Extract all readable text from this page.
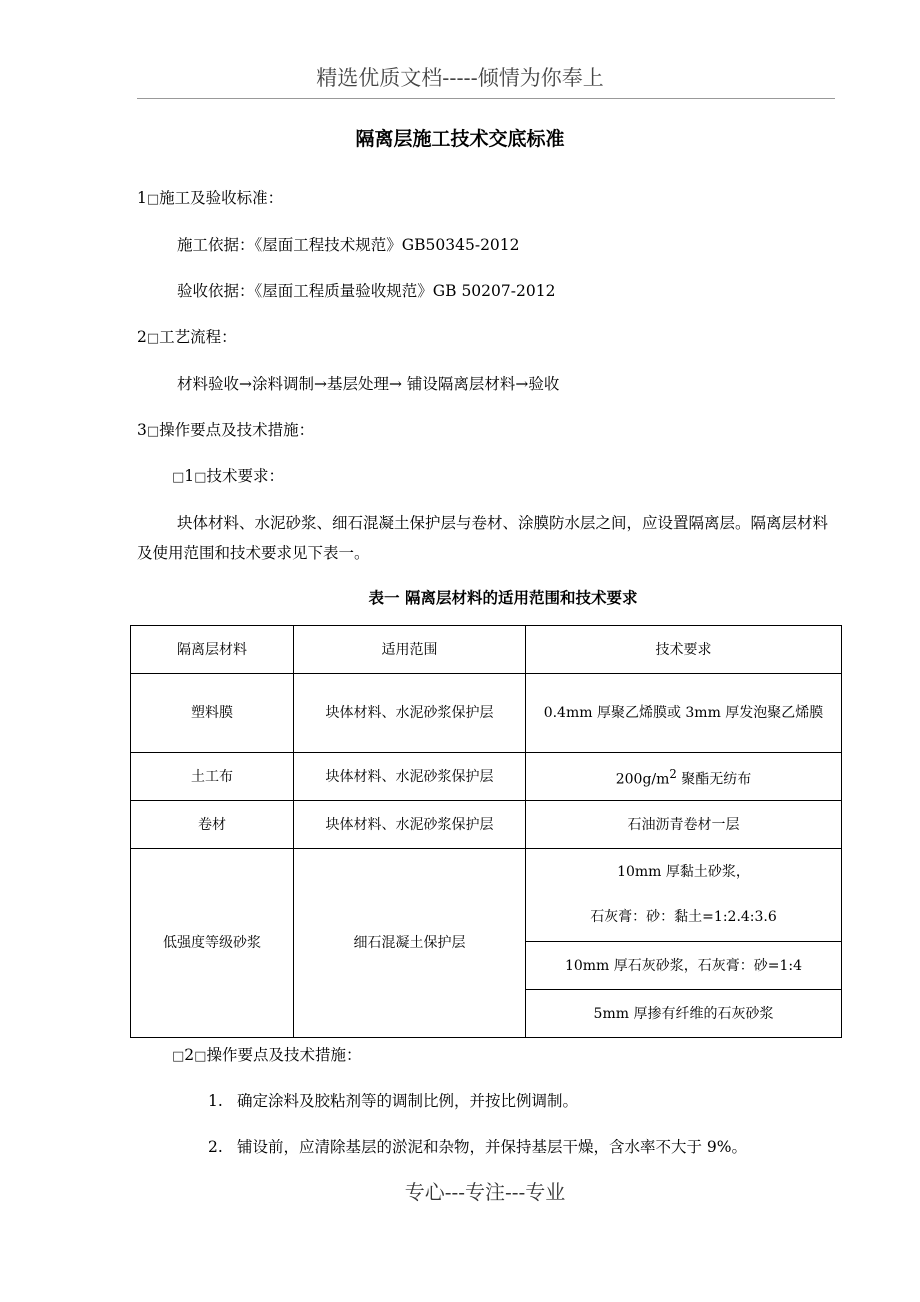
精选优质文档-----倾情为你奉上
隔离层施工技术交底标准
1□施工及验收标准：
施工依据：《屋面工程技术规范》GB50345-2012
验收依据：《屋面工程质量验收规范》GB 50207-2012
2□工艺流程：
材料验收→涂料调制→基层处理→ 铺设隔离层材料→验收
3□操作要点及技术措施：
□1□技术要求：
块体材料、水泥砂浆、细石混凝土保护层与卷材、涂膜防水层之间，应设置隔离层。隔离层材料及使用范围和技术要求见下表一。
表一 隔离层材料的适用范围和技术要求
隔离层材料	适用范围	技术要求
塑料膜	块体材料、水泥砂浆保护层	0.4mm 厚聚乙烯膜或 3mm 厚发泡聚乙烯膜
土工布	块体材料、水泥砂浆保护层	$200g/m^2$ 聚酯无纺布
卷材	块体材料、水泥砂浆保护层	石油沥青卷材一层
低强度等级砂浆	细石混凝土保护层	10mm 厚黏土砂浆，
石灰膏：砂：黏土=1:2.4:3.6

		10mm 厚石灰砂浆，石灰膏：砂=1:4
		5mm 厚掺有纤维的石灰砂浆
□2□操作要点及技术措施：
1. 确定涂料及胶粘剂等的调制比例，并按比例调制。
2. 铺设前，应清除基层的淤泥和杂物，并保持基层干燥，含水率不大于 9%。
专心---专注---专业
